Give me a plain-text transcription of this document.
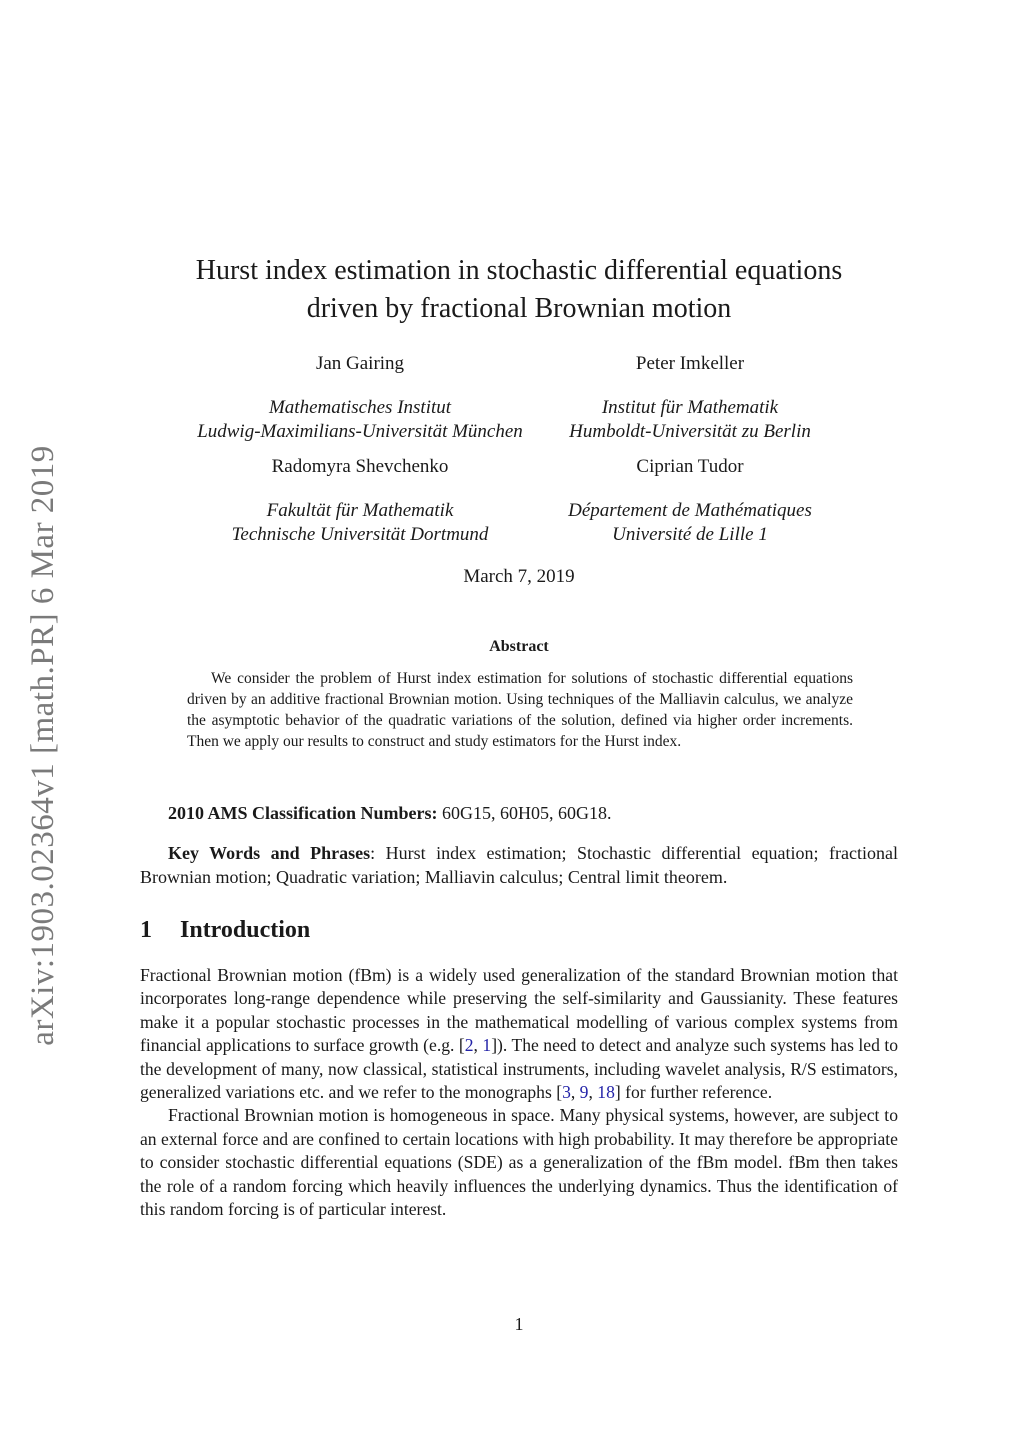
arXiv:1903.02364v1 [math.PR] 6 Mar 2019
Hurst index estimation in stochastic differential equations
driven by fractional Brownian motion
Jan Gairing
Mathematisches Institut
Ludwig-Maximilians-Universität München
Peter Imkeller
Institut für Mathematik
Humboldt-Universität zu Berlin
Radomyra Shevchenko
Fakultät für Mathematik
Technische Universität Dortmund
Ciprian Tudor
Département de Mathématiques
Université de Lille 1
March 7, 2019
Abstract
We consider the problem of Hurst index estimation for solutions of stochastic differential equations driven by an additive fractional Brownian motion. Using techniques of the Malliavin calculus, we analyze the asymptotic behavior of the quadratic variations of the solution, defined via higher order increments. Then we apply our results to construct and study estimators for the Hurst index.
2010 AMS Classification Numbers: 60G15, 60H05, 60G18.
Key Words and Phrases: Hurst index estimation; Stochastic differential equation; fractional Brownian motion; Quadratic variation; Malliavin calculus; Central limit theorem.
1 Introduction

Fractional Brownian motion (fBm) is a widely used generalization of the standard Brownian motion that incorporates long-range dependence while preserving the self-similarity and Gaussianity. These features make it a popular stochastic processes in the mathematical modelling of various complex systems from financial applications to surface growth (e.g. [2, 1]). The need to detect and analyze such systems has led to the development of many, now classical, statistical instruments, including wavelet analysis, R/S estimators, generalized variations etc. and we refer to the monographs [3, 9, 18] for further reference.

Fractional Brownian motion is homogeneous in space. Many physical systems, however, are subject to an external force and are confined to certain locations with high probability. It may therefore be appropriate to consider stochastic differential equations (SDE) as a generalization of the fBm model. fBm then takes the role of a random forcing which heavily influences the underlying dynamics. Thus the identification of this random forcing is of particular interest.

1
